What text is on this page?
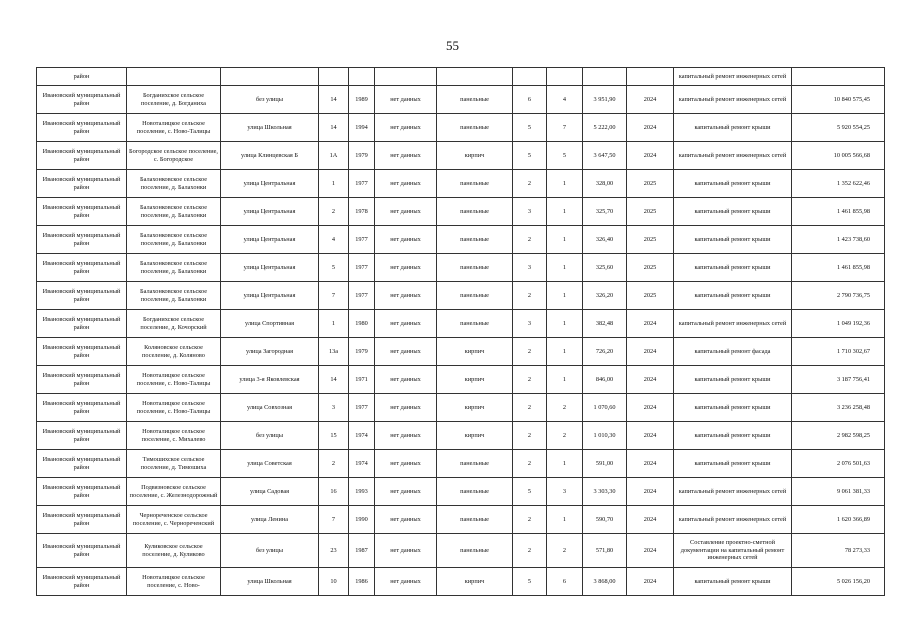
55
район											капитальный ремонт инженерных сетей	
Ивановский муниципальный район	Богданихское сельское поселение, д. Богданиха	без улицы	14	1989	нет данных	панельные	6	4	3 951,90	2024	капитальный ремонт инженерных сетей	10 840 575,45
Ивановский муниципальный район	Новоталицкое сельское поселение, с. Ново-Талицы	улица Школьная	14	1994	нет данных	панельные	5	7	5 222,00	2024	капитальный ремонт крыши	5 920 554,25
Ивановский муниципальный район	Богородское сельское поселение, с. Богородское	улица Клинцевская Б	1А	1979	нет данных	кирпич	5	5	3 647,50	2024	капитальный ремонт инженерных сетей	10 005 566,68
Ивановский муниципальный район	Балахонковское сельское поселение, д. Балахонки	улица Центральная	1	1977	нет данных	панельные	2	1	328,00	2025	капитальный ремонт крыши	1 352 622,46
Ивановский муниципальный район	Балахонковское сельское поселение, д. Балахонки	улица Центральная	2	1978	нет данных	панельные	3	1	325,70	2025	капитальный ремонт крыши	1 461 855,98
Ивановский муниципальный район	Балахонковское сельское поселение, д. Балахонки	улица Центральная	4	1977	нет данных	панельные	2	1	326,40	2025	капитальный ремонт крыши	1 423 738,60
Ивановский муниципальный район	Балахонковское сельское поселение, д. Балахонки	улица Центральная	5	1977	нет данных	панельные	3	1	325,60	2025	капитальный ремонт крыши	1 461 855,98
Ивановский муниципальный район	Балахонковское сельское поселение, д. Балахонки	улица Центральная	7	1977	нет данных	панельные	2	1	326,20	2025	капитальный ремонт крыши	2 790 736,75
Ивановский муниципальный район	Богданихское сельское поселение, д. Кочорский	улица Спортивная	1	1980	нет данных	панельные	3	1	382,48	2024	капитальный ремонт инженерных сетей	1 049 192,36
Ивановский муниципальный район	Коляновское сельское поселение, д. Коляново	улица Загородная	13а	1979	нет данных	кирпич	2	1	726,20	2024	капитальный ремонт фасада	1 710 302,67
Ивановский муниципальный район	Новоталицкое сельское поселение, с. Ново-Талицы	улица 3-я Яковлевская	14	1971	нет данных	кирпич	2	1	846,00	2024	капитальный ремонт крыши	3 187 756,41
Ивановский муниципальный район	Новоталицкое сельское поселение, с. Ново-Талицы	улица Совхозная	3	1977	нет данных	кирпич	2	2	1 070,60	2024	капитальный ремонт крыши	3 236 258,48
Ивановский муниципальный район	Новоталицкое сельское поселение, с. Михалево	без улицы	15	1974	нет данных	кирпич	2	2	1 010,30	2024	капитальный ремонт крыши	2 982 598,25
Ивановский муниципальный район	Тимошихское сельское поселение, д. Тимошиха	улица Советская	2	1974	нет данных	панельные	2	1	591,00	2024	капитальный ремонт крыши	2 076 501,63
Ивановский муниципальный район	Подвязновское сельское поселение, с. Железнодорожный	улица Садовая	16	1993	нет данных	панельные	5	3	3 303,30	2024	капитальный ремонт инженерных сетей	9 061 381,33
Ивановский муниципальный район	Чернореченское сельское поселение, с. Чернореченский	улица Ленина	7	1990	нет данных	панельные	2	1	590,70	2024	капитальный ремонт инженерных сетей	1 620 366,89
Ивановский муниципальный район	Куликовское сельское поселение, д. Куликово	без улицы	23	1987	нет данных	панельные	2	2	571,80	2024	Составление проектно-сметной документации на капитальный ремонт инженерных сетей	78 273,33
Ивановский муниципальный район	Новоталицкое сельское поселение, с. Ново-	улица Школьная	10	1986	нет данных	кирпич	5	6	3 868,00	2024	капитальный ремонт крыши	5 026 156,20
